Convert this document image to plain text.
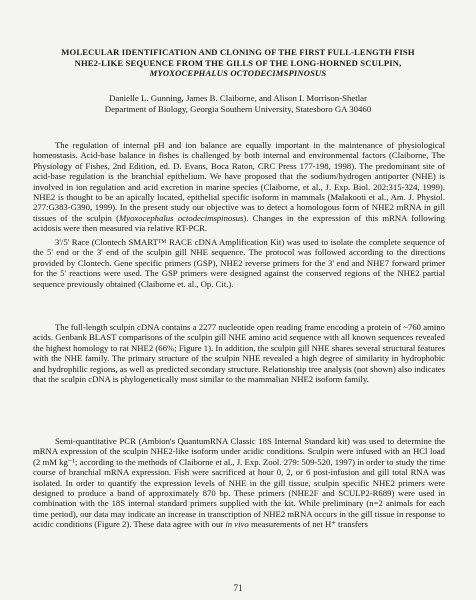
MOLECULAR IDENTIFICATION AND CLONING OF THE FIRST FULL-LENGTH FISH
NHE2-LIKE SEQUENCE FROM THE GILLS OF THE LONG-HORNED SCULPIN,
MYOXOCEPHALUS OCTODECIMSPINOSUS
Danielle L. Gunning, James B. Claiborne, and Alison I. Morrison-Shetlar
Department of Biology, Georgia Southern University, Statesboro GA 30460

The regulation of internal pH and ion balance are equally important in the maintenance of physiological homeostasis. Acid-base balance in fishes is challenged by both internal and environmental factors (Claiborne, The Physiology of Fishes, 2nd Edition, ed. D. Evans, Boca Raton, CRC Press 177-198, 1998). The predominant site of acid-base regulation is the branchial epithelium. We have proposed that the sodium/hydrogen antiporter (NHE) is involved in ion regulation and acid excretion in marine species (Claiborne, et al., J. Exp. Biol. 202:315-324, 1999). NHE2 is thought to be an apically located, epithelial specific isoform in mammals (Malakooti et al., Am. J. Physiol. 277:G383-G390, 1999). In the present study our objective was to detect a homologous form of NHE2 mRNA in gill tissues of the sculpin (Myoxocephalus octodecimspinosus). Changes in the expression of this mRNA following acidosis were then measured via relative RT-PCR.

3'/5' Race (Clontech SMART™ RACE cDNA Amplification Kit) was used to isolate the complete sequence of the 5' end or the 3' end of the sculpin gill NHE sequence. The protocol was followed according to the directions provided by Clontech. Gene specific primers (GSP), NHE2 reverse primers for the 3' end and NHE7 forward primer for the 5' reactions were used. The GSP primers were designed against the conserved regions of the NHE2 partial sequence previously obtained (Claiborne et. al., Op. Cit.).

The full-length sculpin cDNA contains a 2277 nucleotide open reading frame encoding a protein of ~760 amino acids. Genbank BLAST comparisons of the sculpin gill NHE amino acid sequence with all known sequences revealed the highest homology to rat NHE2 (66%; Figure 1). In addition, the sculpin gill NHE shares several structural features with the NHE family. The primary structure of the sculpin NHE revealed a high degree of similarity in hydrophobic and hydrophilic regions, as well as predicted secondary structure. Relationship tree analysis (not shown) also indicates that the sculpin cDNA is phylogenetically most similar to the mammalian NHE2 isoform family.

Semi-quantitative PCR (Ambion's QuantumRNA Classic 18S Internal Standard kit) was used to determine the mRNA expression of the sculpin NHE2-like isoform under acidic conditions. Sculpin were infused with an HCl load (2 mM kg⁻¹; according to the methods of Claiborne et al., J. Exp. Zool. 279: 509-520, 1997) in order to study the time course of branchial mRNA expression. Fish were sacrificed at hour 0, 2, or 6 post-infusion and gill total RNA was isolated. In order to quantify the expression levels of NHE in the gill tissue, sculpin specific NHE2 primers were designed to produce a band of approximately 870 bp. These primers (NHE2F and SCULP2-R689) were used in combination with the 18S internal standard primers supplied with the kit. While preliminary (n=2 animals for each time period), our data may indicate an increase in transcription of NHE2 mRNA occurs in the gill tissue in response to acidic conditions (Figure 2). These data agree with our in vivo measurements of net H⁺ transfers

71
